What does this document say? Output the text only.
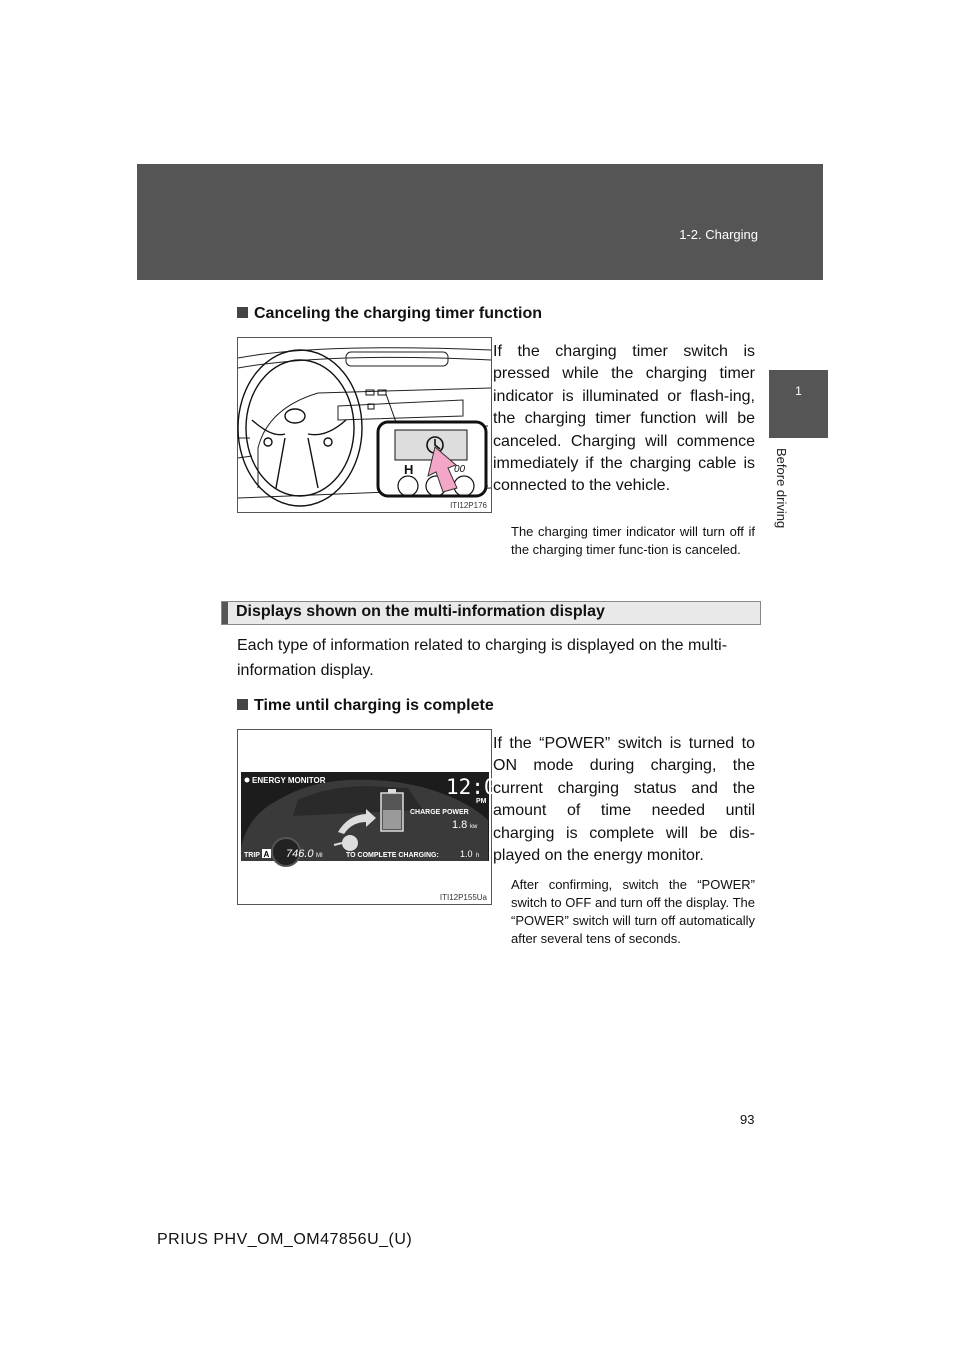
1-2. Charging
1
Before driving
Canceling the charging timer function
H	00
ITI12P176
If the charging timer switch is pressed while the charging timer indicator is illuminated or flash-ing, the charging timer function will be canceled. Charging will commence immediately if the charging cable is connected to the vehicle.
The charging timer indicator will turn off if the charging timer func-tion is canceled.
Displays shown on the multi-information display
Each type of information related to charging is displayed on the multi-information display.
Time until charging is complete
ENERGY MONITOR	12:00
PM
CHARGE POWER
1.8 kw
TRIP A 746.0 MI	TO COMPLETE CHARGING: 1.0 h
ITI12P155Ua
If the “POWER” switch is turned to ON mode during charging, the current charging status and the amount of time needed until charging is complete will be dis-played on the energy monitor.
After confirming, switch the “POWER” switch to OFF and turn off the display. The “POWER” switch will turn off automatically after several tens of seconds.
93
PRIUS PHV_OM_OM47856U_(U)
